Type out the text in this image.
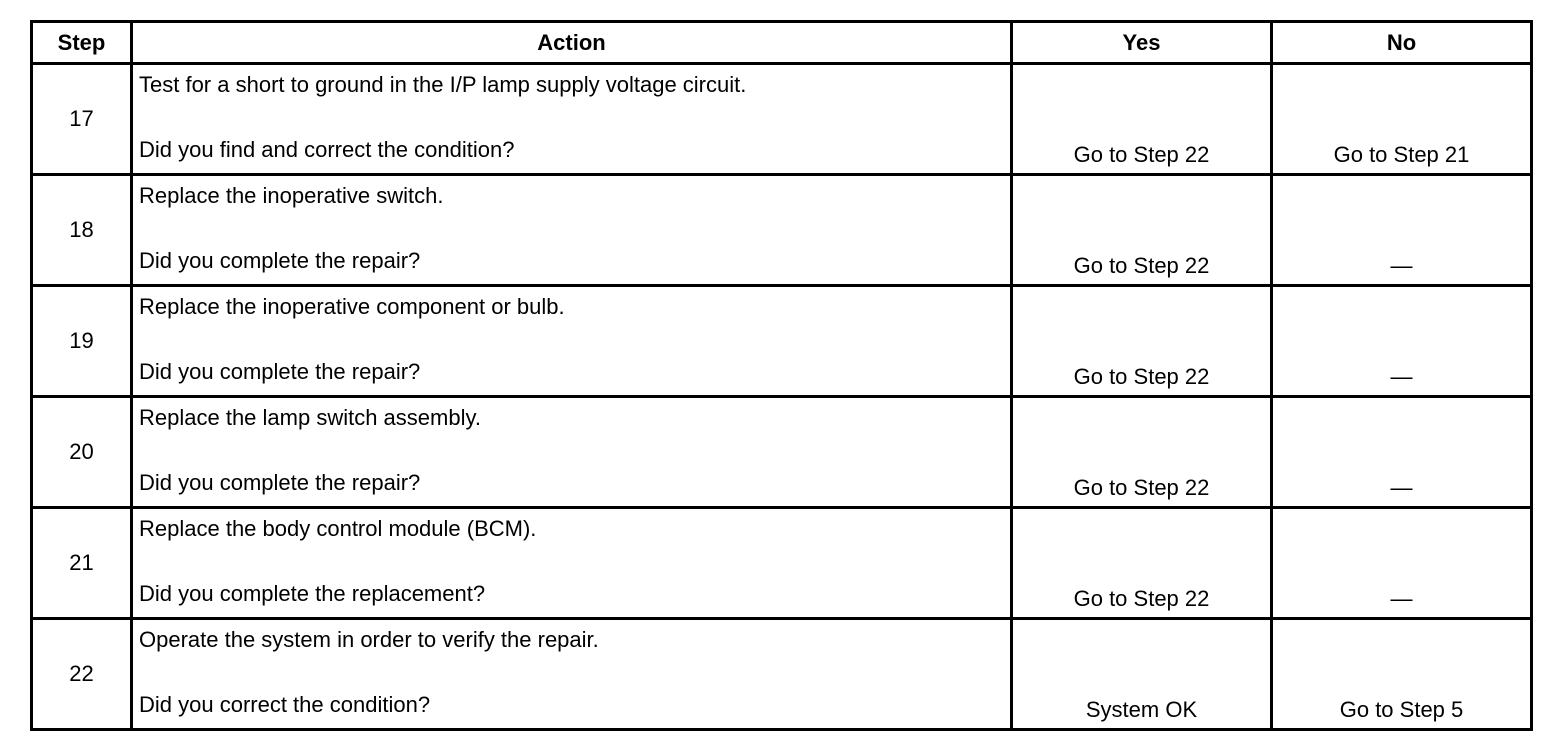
Step	Action	Yes	No
17	Test for a short to ground in the I/P lamp supply voltage circuit.
Did you find and correct the condition?	Go to Step 22	Go to Step 21
18	Replace the inoperative switch.
Did you complete the repair?	Go to Step 22	—
19	Replace the inoperative component or bulb.
Did you complete the repair?	Go to Step 22	—
20	Replace the lamp switch assembly.
Did you complete the repair?	Go to Step 22	—
21	Replace the body control module (BCM).
Did you complete the replacement?	Go to Step 22	—
22	Operate the system in order to verify the repair.
Did you correct the condition?	System OK	Go to Step 5
